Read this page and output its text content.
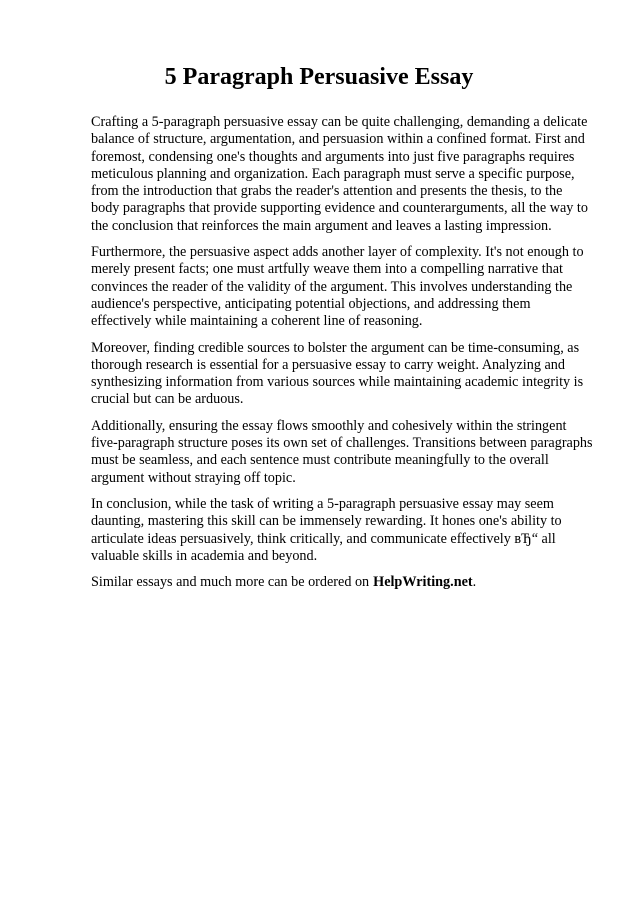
5 Paragraph Persuasive Essay

Crafting a 5-paragraph persuasive essay can be quite challenging, demanding a delicate balance of structure, argumentation, and persuasion within a confined format. First and foremost, condensing one's thoughts and arguments into just five paragraphs requires meticulous planning and organization. Each paragraph must serve a specific purpose, from the introduction that grabs the reader's attention and presents the thesis, to the body paragraphs that provide supporting evidence and counterarguments, all the way to the conclusion that reinforces the main argument and leaves a lasting impression.

Furthermore, the persuasive aspect adds another layer of complexity. It's not enough to merely present facts; one must artfully weave them into a compelling narrative that convinces the reader of the validity of the argument. This involves understanding the audience's perspective, anticipating potential objections, and addressing them effectively while maintaining a coherent line of reasoning.

Moreover, finding credible sources to bolster the argument can be time-consuming, as thorough research is essential for a persuasive essay to carry weight. Analyzing and synthesizing information from various sources while maintaining academic integrity is crucial but can be arduous.

Additionally, ensuring the essay flows smoothly and cohesively within the stringent five-paragraph structure poses its own set of challenges. Transitions between paragraphs must be seamless, and each sentence must contribute meaningfully to the overall argument without straying off topic.

In conclusion, while the task of writing a 5-paragraph persuasive essay may seem daunting, mastering this skill can be immensely rewarding. It hones one's ability to articulate ideas persuasively, think critically, and communicate effectively вЂ“ all valuable skills in academia and beyond.

Similar essays and much more can be ordered on HelpWriting.net.
